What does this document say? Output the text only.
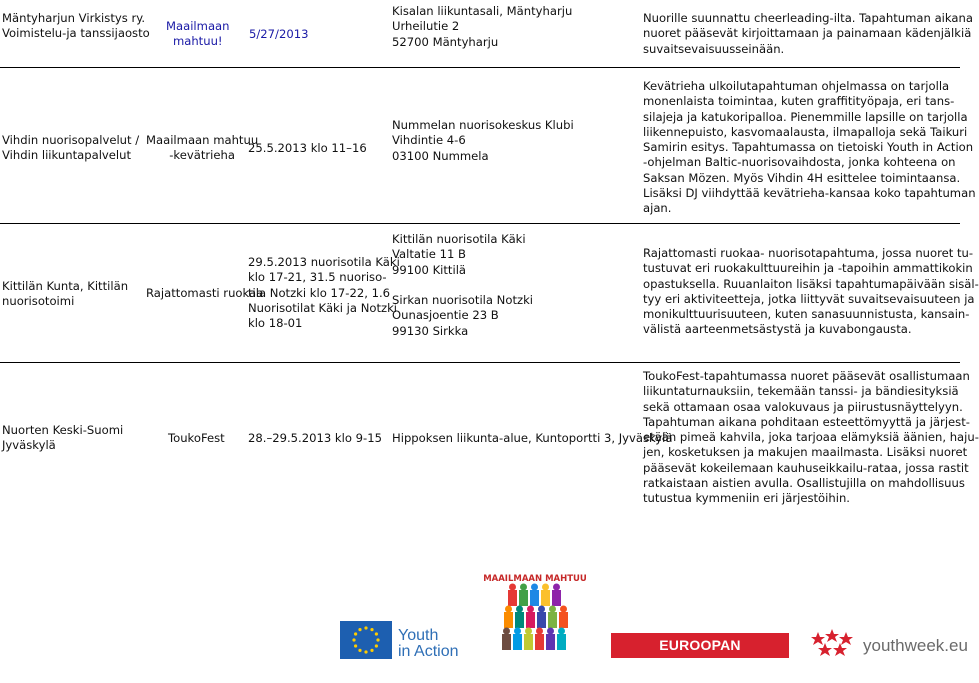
Mäntyharjun Virkistys ry.
Voimistelu-ja tanssijaosto
Maailmaan
mahtuu!
5/27/2013
Kisalan liikuntasali, Mäntyharju
Urheilutie 2
52700 Mäntyharju
Nuorille suunnattu cheerleading-ilta. Tapahtuman aikana
nuoret pääsevät kirjoittamaan ja painamaan kädenjälkiä
suvaitsevaisuusseinään.
Vihdin nuorisopalvelut /
Vihdin liikuntapalvelut
Maailmaan mahtuu
-kevätrieha
25.5.2013 klo 11–16
Nummelan nuorisokeskus Klubi
Vihdintie 4-6
03100 Nummela
Kevätrieha ulkoilutapahtuman ohjelmassa on tarjolla
monenlaista toimintaa, kuten graffitityöpaja, eri tans-
silajeja ja katukoripalloa. Pienemmille lapsille on tarjolla
liikennepuisto, kasvomaalausta, ilmapalloja sekä Taikuri
Samirin esitys. Tapahtumassa on tietoiski Youth in Action
-ohjelman Baltic-nuorisovaihdosta, jonka kohteena on
Saksan Mözen. Myös Vihdin 4H esittelee toimintaansa.
Lisäksi DJ viihdyttää kevätrieha-kansaa koko tapahtuman
ajan.
Kittilän Kunta, Kittilän
nuorisotoimi
Rajattomasti ruokaa
29.5.2013 nuorisotila Käki
klo 17-21, 31.5 nuoriso-
tila Notzki klo 17-22, 1.6
Nuorisotilat Käki ja Notzki
klo 18-01
Kittilän nuorisotila Käki
Valtatie 11 B
99100 Kittilä

Sirkan nuorisotila Notzki
Ounasjoentie 23 B
99130 Sirkka
Rajattomasti ruokaa- nuorisotapahtuma, jossa nuoret tu-
tustuvat eri ruokakulttuureihin ja -tapoihin ammattikokin
opastuksella. Ruuanlaiton lisäksi tapahtumapäivään sisäl-
tyy eri aktiviteetteja, jotka liittyvät suvaitsevaisuuteen ja
monikulttuurisuuteen, kuten sanasuunnistusta, kansain-
välistä aarteenmetsästystä ja kuvabongausta.
Nuorten Keski-Suomi
Jyväskylä
ToukoFest 28.–29.5.2013 klo 9-15 Hippoksen liikunta-alue, Kuntoportti 3, Jyväskylä
ToukoFest-tapahtumassa nuoret pääsevät osallistumaan
liikuntaturnauksiin, tekemään tanssi- ja bändiesityksiä
sekä ottamaan osaa valokuvaus ja piirustusnäyttelyyn.
Tapahtuman aikana pohditaan esteettömyyttä ja järjest-
etään pimeä kahvila, joka tarjoaa elämyksiä äänien, haju-
jen, kosketuksen ja makujen maailmasta. Lisäksi nuoret
pääsevät kokeilemaan kauhuseikkailu-rataa, jossa rastit
ratkaistaan aistien avulla. Osallistujilla on mahdollisuus
tutustua kymmeniin eri järjestöihin.
MAAILMAAN MAHTUU
Youth
in Action	EUROOPAN NUORISOVIIKKO
youthweek.eu
